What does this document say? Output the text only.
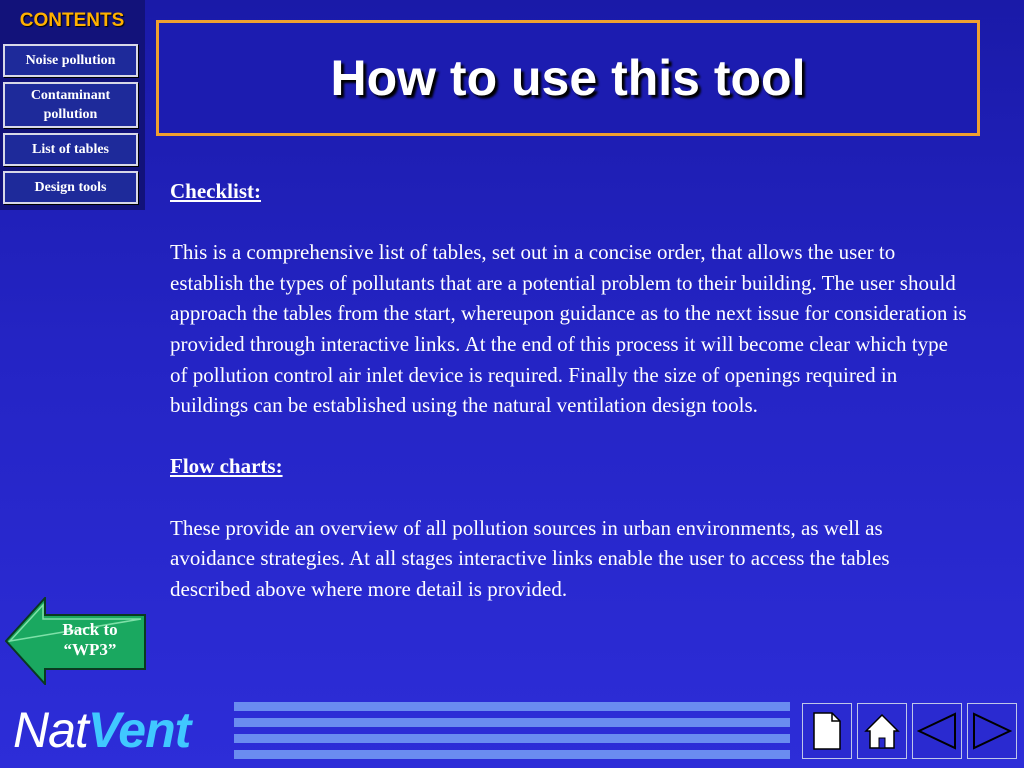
CONTENTS
Noise pollution
Contaminant pollution
List of tables
Design tools
How to use this tool

Checklist:

This is a comprehensive list of tables, set out in a concise order, that allows the user to establish the types of pollutants that are a potential problem to their building. The user should approach the tables from the start, whereupon guidance as to the next issue for consideration is provided through interactive links. At the end of this process it will become clear which type of pollution control air inlet device is required. Finally the size of openings required in buildings can be established using the natural ventilation design tools.

Flow charts:

These provide an overview of all pollution sources in urban environments, as well as avoidance strategies. At all stages interactive links enable the user to access the tables described above where more detail is provided.

Back to
“WP3”
NatVent
